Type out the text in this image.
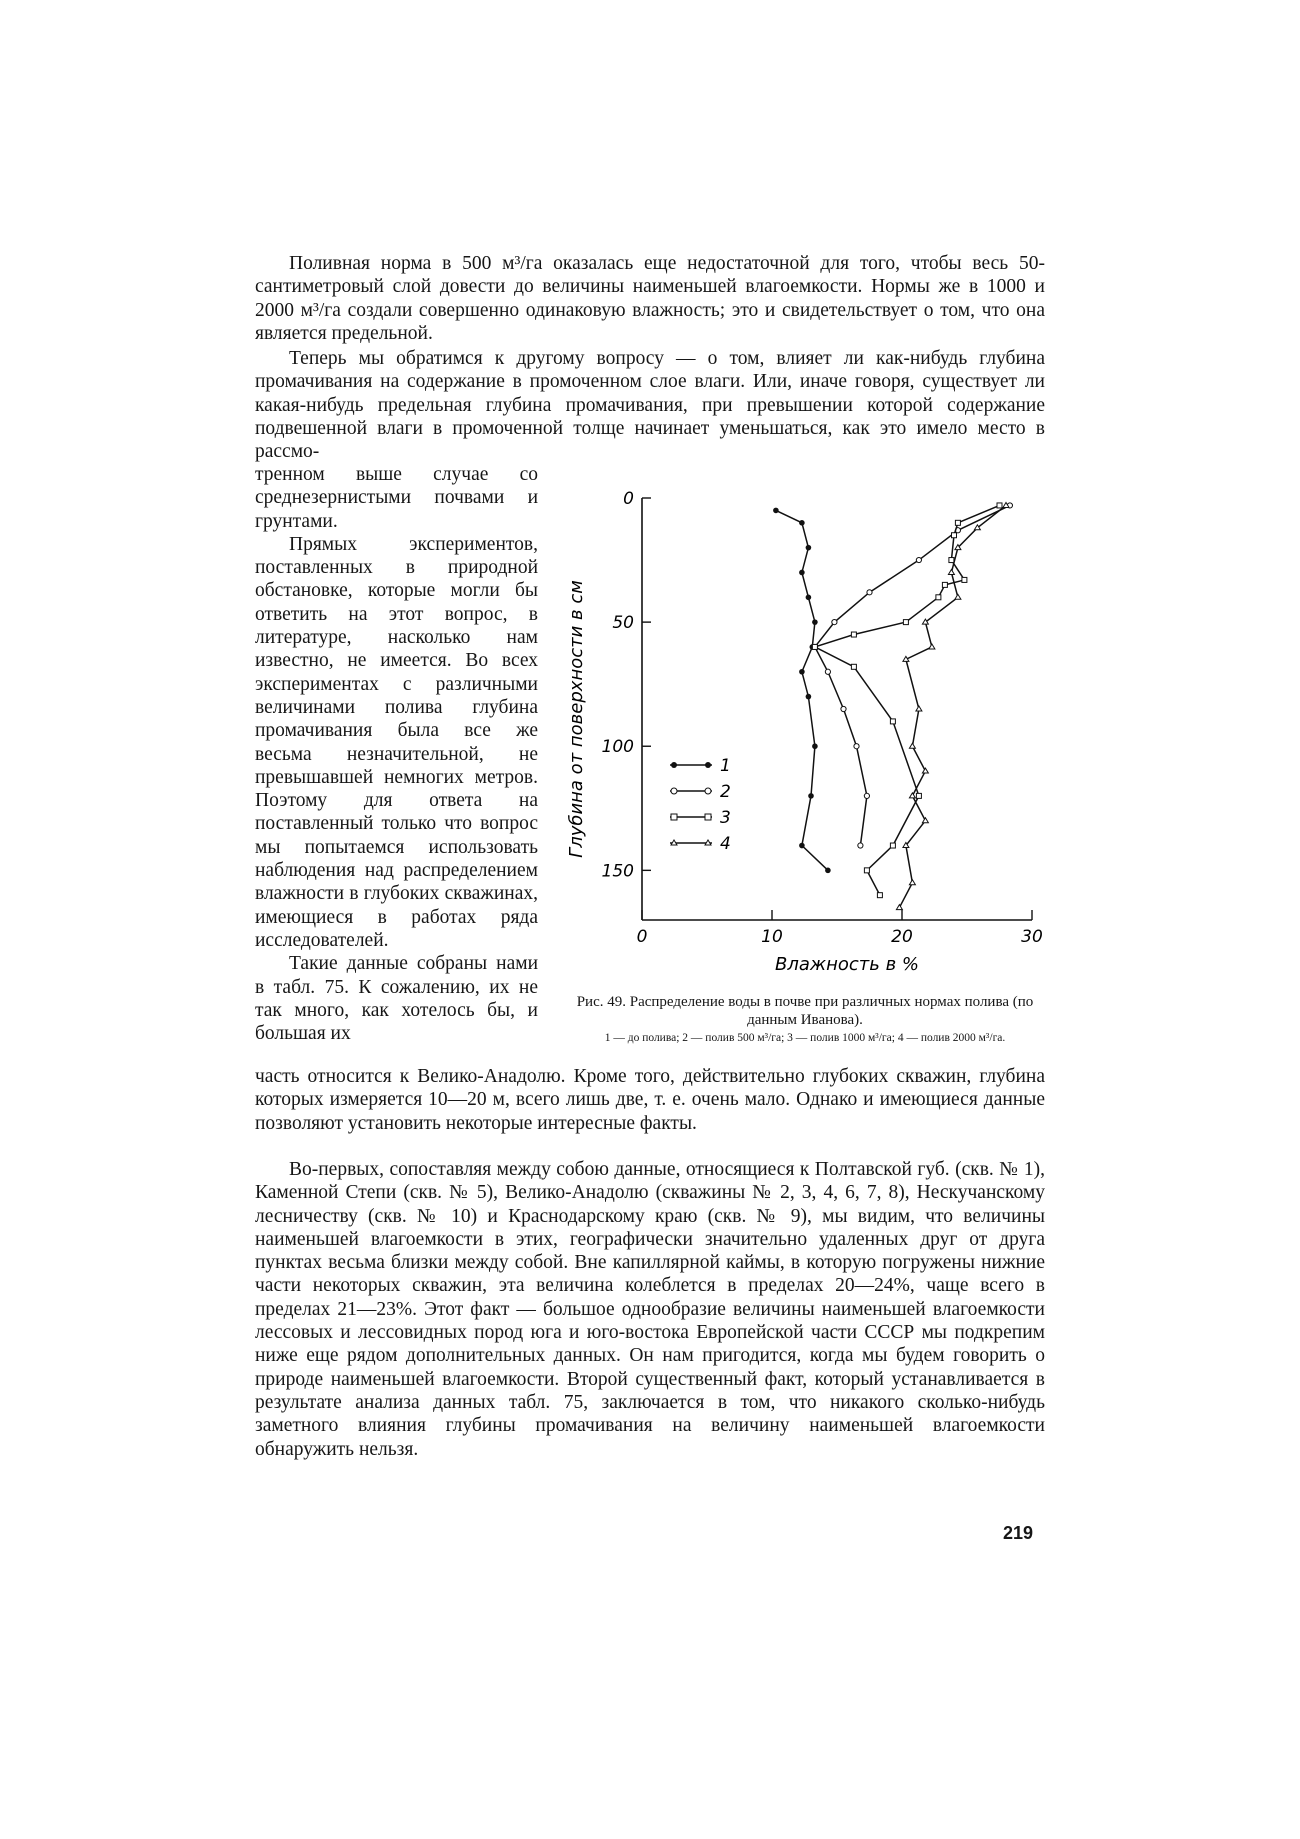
Поливная норма в 500 м³/га оказалась еще недостаточной для того, чтобы весь 50-сантиметровый слой довести до величины наименьшей влагоемкости. Нормы же в 1000 и 2000 м³/га создали совершенно одинаковую влажность; это и свидетельствует о том, что она является предельной.

Теперь мы обратимся к другому вопросу — о том, влияет ли как-нибудь глубина промачивания на содержание в промоченном слое влаги. Или, иначе говоря, существует ли какая-нибудь предельная глубина промачивания, при превышении которой содержание подвешенной влаги в промоченной толще начинает уменьшаться, как это имело место в рассмо-

тренном выше случае со среднезернистыми почвами и грунтами.

Прямых экспериментов, поставленных в природной обстановке, которые могли бы ответить на этот вопрос, в литературе, насколько нам известно, не имеется. Во всех экспериментах с различными величинами полива глубина промачивания была все же весьма незначительной, не превышавшей немногих метров. Поэтому для ответа на поставленный только что вопрос мы попытаемся использовать наблюдения над распределением влажности в глубоких скважинах, имеющиеся в работах ряда исследователей.

Такие данные собраны нами в табл. 75. К сожалению, их не так много, как хотелось бы, и большая их

часть относится к Велико-Анадолю. Кроме того, действительно глубоких скважин, глубина которых измеряется 10—20 м, всего лишь две, т. е. очень мало. Однако и имеющиеся данные позволяют установить некоторые интересные факты.

Во-первых, сопоставляя между собою данные, относящиеся к Полтавской губ. (скв. № 1), Каменной Степи (скв. № 5), Велико-Анадолю (скважины № 2, 3, 4, 6, 7, 8), Нескучанскому лесничеству (скв. № 10) и Краснодарскому краю (скв. № 9), мы видим, что величины наименьшей влагоемкости в этих, географически значительно удаленных друг от друга пунктах весьма близки между собой. Вне капиллярной каймы, в которую погружены нижние части некоторых скважин, эта величина колеблется в пределах 20—24%, чаще всего в пределах 21—23%. Этот факт — большое однообразие величины наименьшей влагоемкости лессовых и лессовидных пород юга и юго-востока Европейской части СССР мы подкрепим ниже еще рядом дополнительных данных. Он нам пригодится, когда мы будем говорить о природе наименьшей влагоемкости. Второй существенный факт, который устанавливается в результате анализа данных табл. 75, заключается в том, что никакого сколько-нибудь заметного влияния глубины промачивания на величину наименьшей влагоемкости обнаружить нельзя.

0
50
100
150
0	10	20	30
Влажность в %
Глубина от поверхности в см	1
2
3
4
Рис. 49. Распределение воды в почве при различных нормах полива (по данным Иванова).
1 — до полива; 2 — полив 500 м³/га; 3 — полив 1000 м³/га; 4 — полив 2000 м³/га.
219
